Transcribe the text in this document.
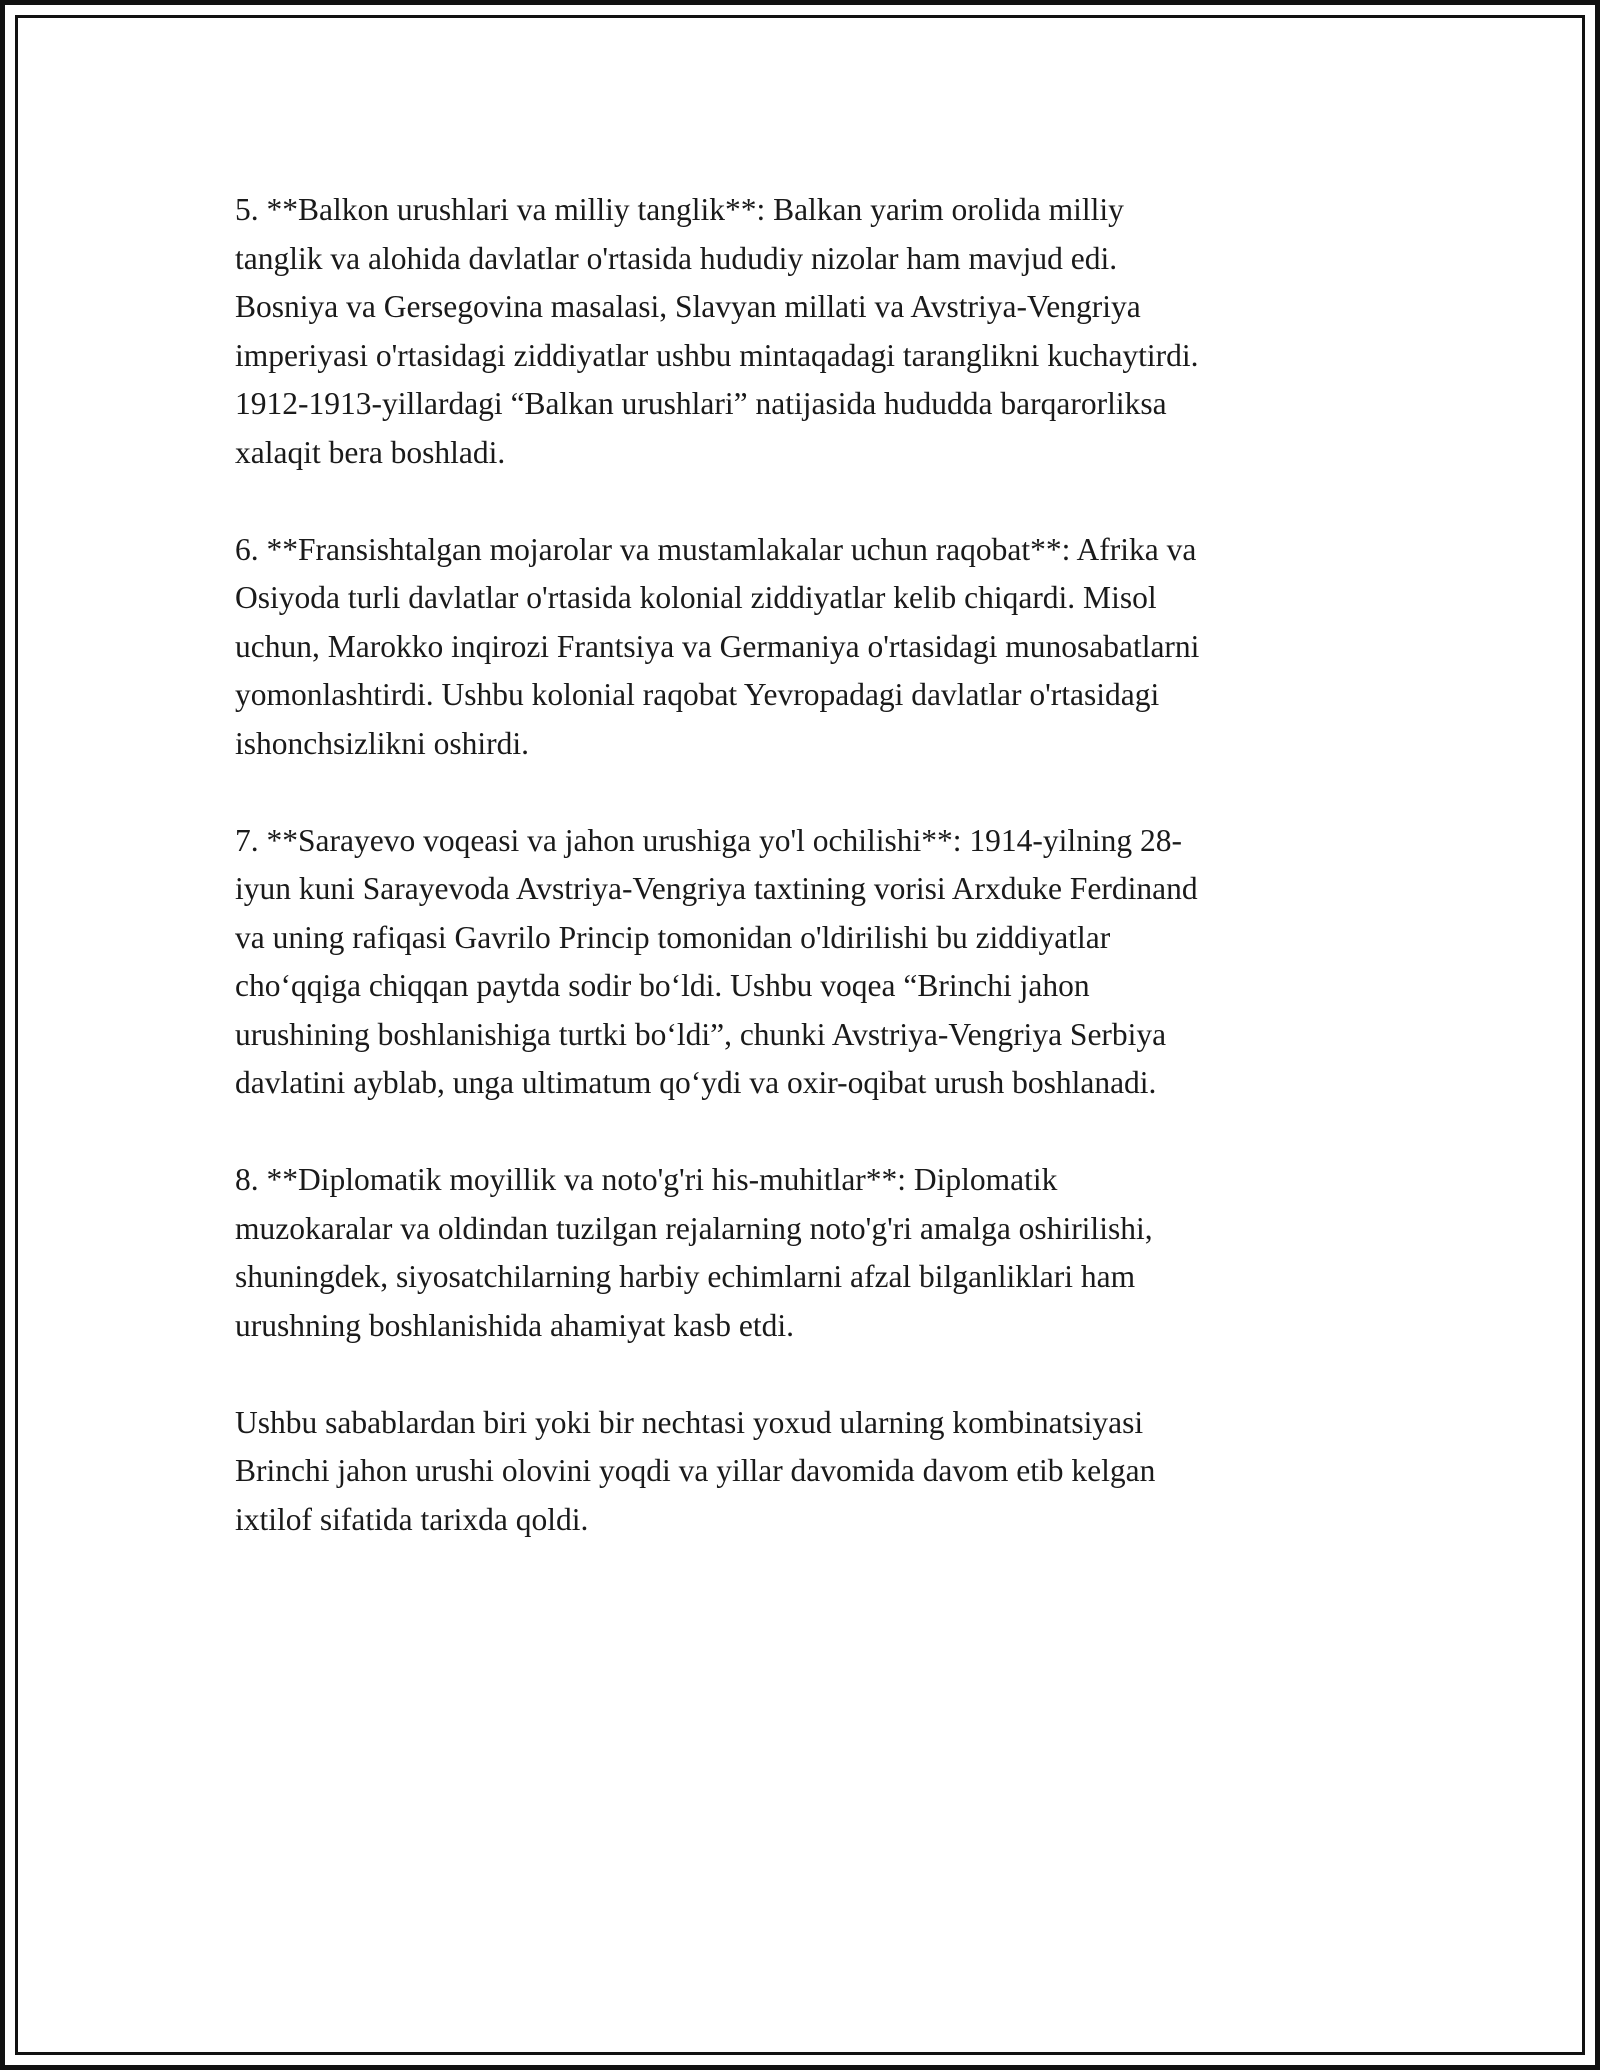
5. **Balkon urushlari va milliy tanglik**: Balkan yarim orolida milliy
tanglik va alohida davlatlar o'rtasida hududiy nizolar ham mavjud edi.
Bosniya va Gersegovina masalasi, Slavyan millati va Avstriya-Vengriya
imperiyasi o'rtasidagi ziddiyatlar ushbu mintaqadagi taranglikni kuchaytirdi.
1912-1913-yillardagi “Balkan urushlari” natijasida hududda barqarorliksa
xalaqit bera boshladi.

6. **Fransishtalgan mojarolar va mustamlakalar uchun raqobat**: Afrika va
Osiyoda turli davlatlar o'rtasida kolonial ziddiyatlar kelib chiqardi. Misol
uchun, Marokko inqirozi Frantsiya va Germaniya o'rtasidagi munosabatlarni
yomonlashtirdi. Ushbu kolonial raqobat Yevropadagi davlatlar o'rtasidagi
ishonchsizlikni oshirdi.

7. **Sarayevo voqeasi va jahon urushiga yo'l ochilishi**: 1914-yilning 28-
iyun kuni Sarayevoda Avstriya-Vengriya taxtining vorisi Arxduke Ferdinand
va uning rafiqasi Gavrilo Princip tomonidan o'ldirilishi bu ziddiyatlar
cho‘qqiga chiqqan paytda sodir bo‘ldi. Ushbu voqea “Brinchi jahon
urushining boshlanishiga turtki bo‘ldi”, chunki Avstriya-Vengriya Serbiya
davlatini ayblab, unga ultimatum qo‘ydi va oxir-oqibat urush boshlanadi.

8. **Diplomatik moyillik va noto'g'ri his-muhitlar**: Diplomatik
muzokaralar va oldindan tuzilgan rejalarning noto'g'ri amalga oshirilishi,
shuningdek, siyosatchilarning harbiy echimlarni afzal bilganliklari ham
urushning boshlanishida ahamiyat kasb etdi.

Ushbu sabablardan biri yoki bir nechtasi yoxud ularning kombinatsiyasi
Brinchi jahon urushi olovini yoqdi va yillar davomida davom etib kelgan
ixtilof sifatida tarixda qoldi.
